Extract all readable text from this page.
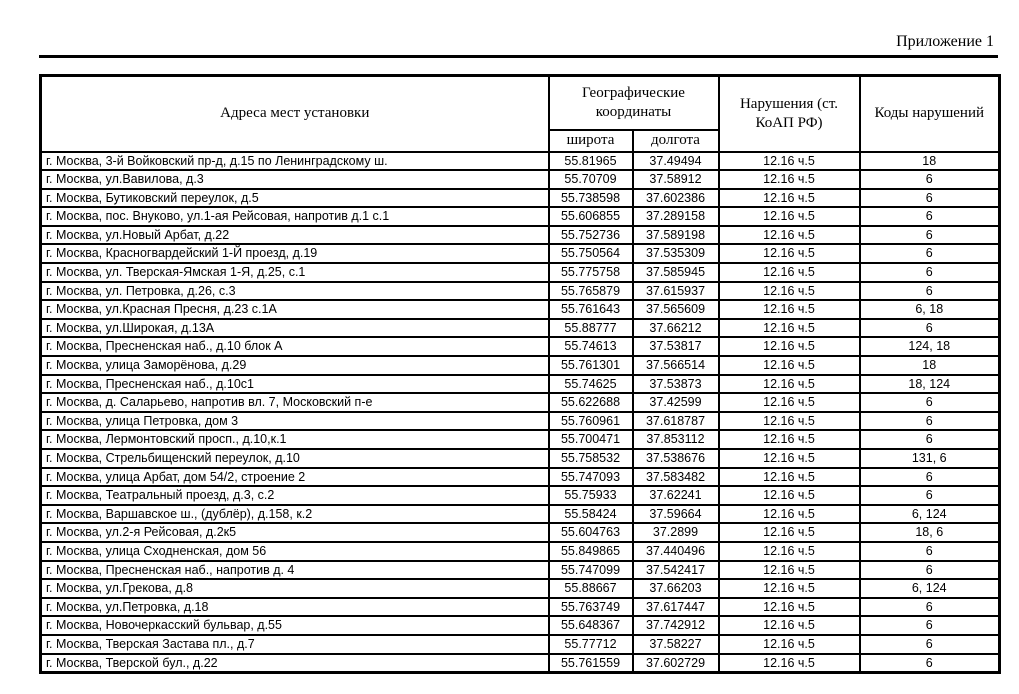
Приложение 1
Адреса мест установки	Географические координаты		Нарушения (ст. КоАП РФ)	Коды нарушений
	широта	долгота		
г. Москва, 3-й Войковский пр-д, д.15 по Ленинградскому ш.	55.81965	37.49494	12.16 ч.5	18
г. Москва, ул.Вавилова, д.3	55.70709	37.58912	12.16 ч.5	6
г. Москва, Бутиковский переулок, д.5	55.738598	37.602386	12.16 ч.5	6
г. Москва, пос. Внуково, ул.1-ая Рейсовая, напротив д.1 с.1	55.606855	37.289158	12.16 ч.5	6
г. Москва, ул.Новый Арбат, д.22	55.752736	37.589198	12.16 ч.5	6
г. Москва, Красногвардейский 1-Й проезд, д.19	55.750564	37.535309	12.16 ч.5	6
г. Москва, ул. Тверская-Ямская 1-Я, д.25, с.1	55.775758	37.585945	12.16 ч.5	6
г. Москва, ул. Петровка, д.26, с.3	55.765879	37.615937	12.16 ч.5	6
г. Москва, ул.Красная Пресня, д.23 с.1А	55.761643	37.565609	12.16 ч.5	6, 18
г. Москва, ул.Широкая, д.13А	55.88777	37.66212	12.16 ч.5	6
г. Москва, Пресненская наб., д.10 блок А	55.74613	37.53817	12.16 ч.5	124, 18
г. Москва, улица Заморёнова, д.29	55.761301	37.566514	12.16 ч.5	18
г. Москва, Пресненская наб., д.10с1	55.74625	37.53873	12.16 ч.5	18, 124
г. Москва, д. Саларьево, напротив вл. 7, Московский п-е	55.622688	37.42599	12.16 ч.5	6
г. Москва, улица Петровка, дом 3	55.760961	37.618787	12.16 ч.5	6
г. Москва, Лермонтовский просп., д.10,к.1	55.700471	37.853112	12.16 ч.5	6
г. Москва, Стрельбищенский переулок, д.10	55.758532	37.538676	12.16 ч.5	131, 6
г. Москва, улица Арбат, дом 54/2, строение 2	55.747093	37.583482	12.16 ч.5	6
г. Москва, Театральный проезд, д.3, с.2	55.75933	37.62241	12.16 ч.5	6
г. Москва, Варшавское ш., (дублёр), д.158, к.2	55.58424	37.59664	12.16 ч.5	6, 124
г. Москва, ул.2-я Рейсовая, д.2к5	55.604763	37.2899	12.16 ч.5	18, 6
г. Москва, улица Сходненская, дом 56	55.849865	37.440496	12.16 ч.5	6
г. Москва, Пресненская наб., напротив д. 4	55.747099	37.542417	12.16 ч.5	6
г. Москва, ул.Грекова, д.8	55.88667	37.66203	12.16 ч.5	6, 124
г. Москва, ул.Петровка, д.18	55.763749	37.617447	12.16 ч.5	6
г. Москва, Новочеркасский бульвар, д.55	55.648367	37.742912	12.16 ч.5	6
г. Москва, Тверская Застава пл., д.7	55.77712	37.58227	12.16 ч.5	6
г. Москва, Тверской бул., д.22	55.761559	37.602729	12.16 ч.5	6
